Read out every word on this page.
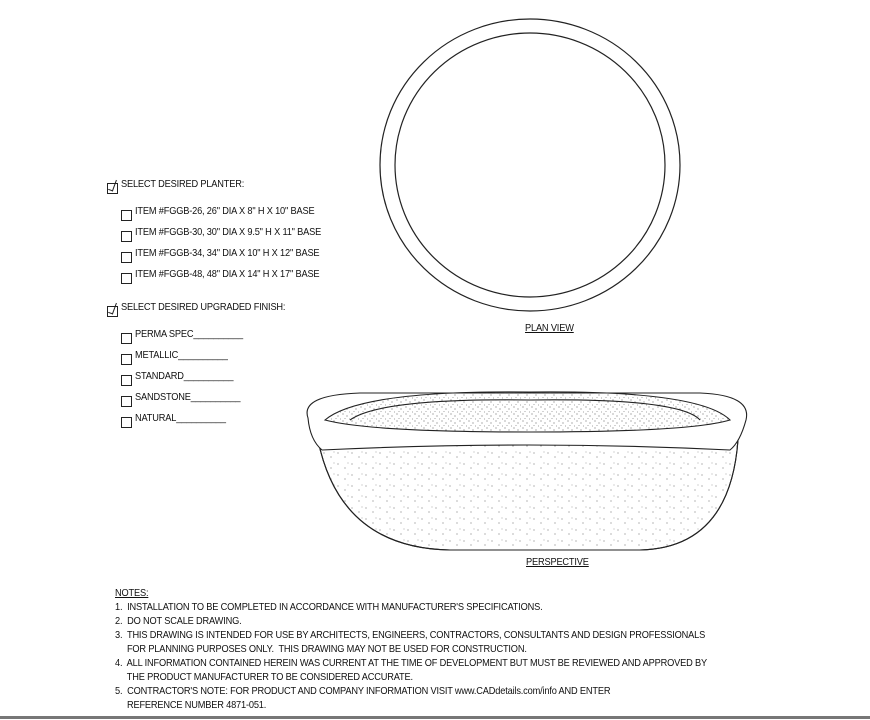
SELECT DESIRED PLANTER:
ITEM #FGGB-26, 26" DIA X 8" H X 10" BASE
ITEM #FGGB-30, 30" DIA X 9.5" H X 11" BASE
ITEM #FGGB-34, 34" DIA X 10" H X 12" BASE
ITEM #FGGB-48, 48" DIA X 14" H X 17" BASE
SELECT DESIRED UPGRADED FINISH:
PERMA SPEC__________
METALLIC__________
STANDARD__________
SANDSTONE__________
NATURAL__________
PLAN VIEW
PERSPECTIVE
NOTES:
1.  INSTALLATION TO BE COMPLETED IN ACCORDANCE WITH MANUFACTURER'S SPECIFICATIONS.
2.  DO NOT SCALE DRAWING.
3.  THIS DRAWING IS INTENDED FOR USE BY ARCHITECTS, ENGINEERS, CONTRACTORS, CONSULTANTS AND DESIGN PROFESSIONALS
FOR PLANNING PURPOSES ONLY.  THIS DRAWING MAY NOT BE USED FOR CONSTRUCTION.
4.  ALL INFORMATION CONTAINED HEREIN WAS CURRENT AT THE TIME OF DEVELOPMENT BUT MUST BE REVIEWED AND APPROVED BY
THE PRODUCT MANUFACTURER TO BE CONSIDERED ACCURATE.
5.  CONTRACTOR'S NOTE: FOR PRODUCT AND COMPANY INFORMATION VISIT www.CADdetails.com/info AND ENTER
REFERENCE NUMBER 4871-051.
